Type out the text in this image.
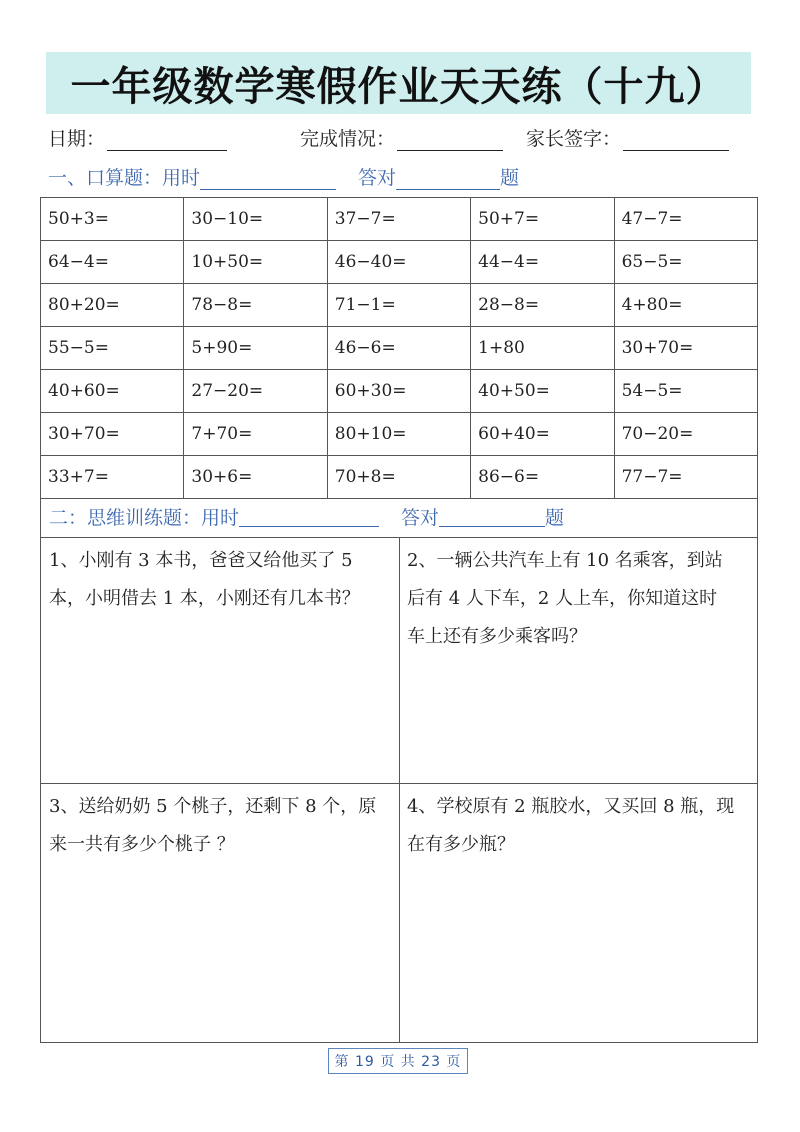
一年级数学寒假作业天天练（十九）
日期：	完成情况：	家长签字：
一、口算题：用时	答对	题
50+3=	30−10=	37−7=	50+7=	47−7=
64−4=	10+50=	46−40=	44−4=	65−5=
80+20=	78−8=	71−1=	28−8=	4+80=
55−5=	5+90=	46−6=	1+80	30+70=
40+60=	27−20=	60+30=	40+50=	54−5=
30+70=	7+70=	80+10=	60+40=	70−20=
33+7=	30+6=	70+8=	86−6=	77−7=
二：思维训练题：用时	答对	题
1、小刚有 3 本书，爸爸又给他买了 5
本，小明借去 1 本，小刚还有几本书？
2、一辆公共汽车上有 10 名乘客，到站
后有 4 人下车，2 人上车，你知道这时
车上还有多少乘客吗？
3、送给奶奶 5 个桃子，还剩下 8 个，原
来一共有多少个桃子 ？
4、学校原有 2 瓶胶水，又买回 8 瓶，现
在有多少瓶？
第 19 页 共 23 页
